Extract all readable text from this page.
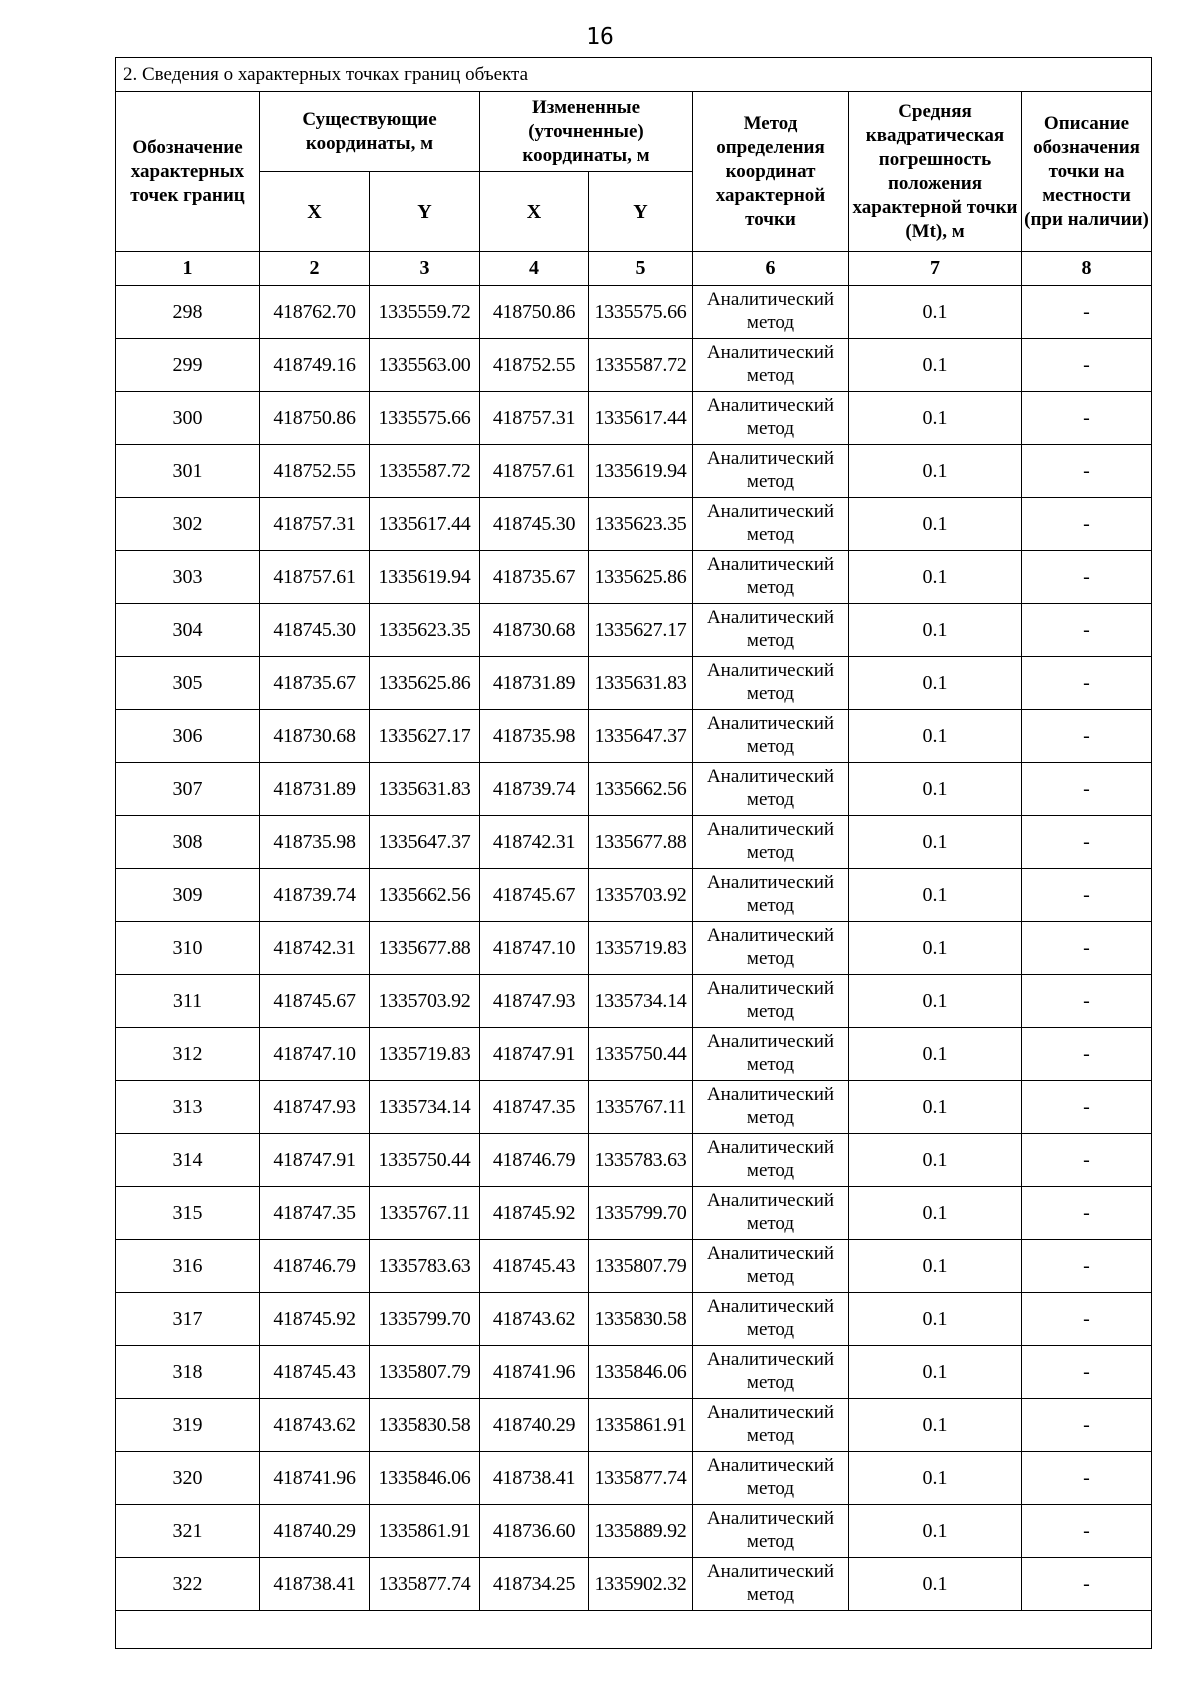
16
2. Сведения о характерных точках границ объекта							
Обозначение характерных точек границ	Существующие координаты, м		Измененные (уточненные) координаты, м		Метод определения координат характерной точки	Средняя квадратическая погрешность положения характерной точки (Mt), м	Описание обозначения точки на местности (при наличии)
	X	Y	X	Y			
1	2	3	4	5	6	7	8
298	418762.70	1335559.72	418750.86	1335575.66	Аналитический метод	0.1	-
299	418749.16	1335563.00	418752.55	1335587.72	Аналитический метод	0.1	-
300	418750.86	1335575.66	418757.31	1335617.44	Аналитический метод	0.1	-
301	418752.55	1335587.72	418757.61	1335619.94	Аналитический метод	0.1	-
302	418757.31	1335617.44	418745.30	1335623.35	Аналитический метод	0.1	-
303	418757.61	1335619.94	418735.67	1335625.86	Аналитический метод	0.1	-
304	418745.30	1335623.35	418730.68	1335627.17	Аналитический метод	0.1	-
305	418735.67	1335625.86	418731.89	1335631.83	Аналитический метод	0.1	-
306	418730.68	1335627.17	418735.98	1335647.37	Аналитический метод	0.1	-
307	418731.89	1335631.83	418739.74	1335662.56	Аналитический метод	0.1	-
308	418735.98	1335647.37	418742.31	1335677.88	Аналитический метод	0.1	-
309	418739.74	1335662.56	418745.67	1335703.92	Аналитический метод	0.1	-
310	418742.31	1335677.88	418747.10	1335719.83	Аналитический метод	0.1	-
311	418745.67	1335703.92	418747.93	1335734.14	Аналитический метод	0.1	-
312	418747.10	1335719.83	418747.91	1335750.44	Аналитический метод	0.1	-
313	418747.93	1335734.14	418747.35	1335767.11	Аналитический метод	0.1	-
314	418747.91	1335750.44	418746.79	1335783.63	Аналитический метод	0.1	-
315	418747.35	1335767.11	418745.92	1335799.70	Аналитический метод	0.1	-
316	418746.79	1335783.63	418745.43	1335807.79	Аналитический метод	0.1	-
317	418745.92	1335799.70	418743.62	1335830.58	Аналитический метод	0.1	-
318	418745.43	1335807.79	418741.96	1335846.06	Аналитический метод	0.1	-
319	418743.62	1335830.58	418740.29	1335861.91	Аналитический метод	0.1	-
320	418741.96	1335846.06	418738.41	1335877.74	Аналитический метод	0.1	-
321	418740.29	1335861.91	418736.60	1335889.92	Аналитический метод	0.1	-
322	418738.41	1335877.74	418734.25	1335902.32	Аналитический метод	0.1	-
